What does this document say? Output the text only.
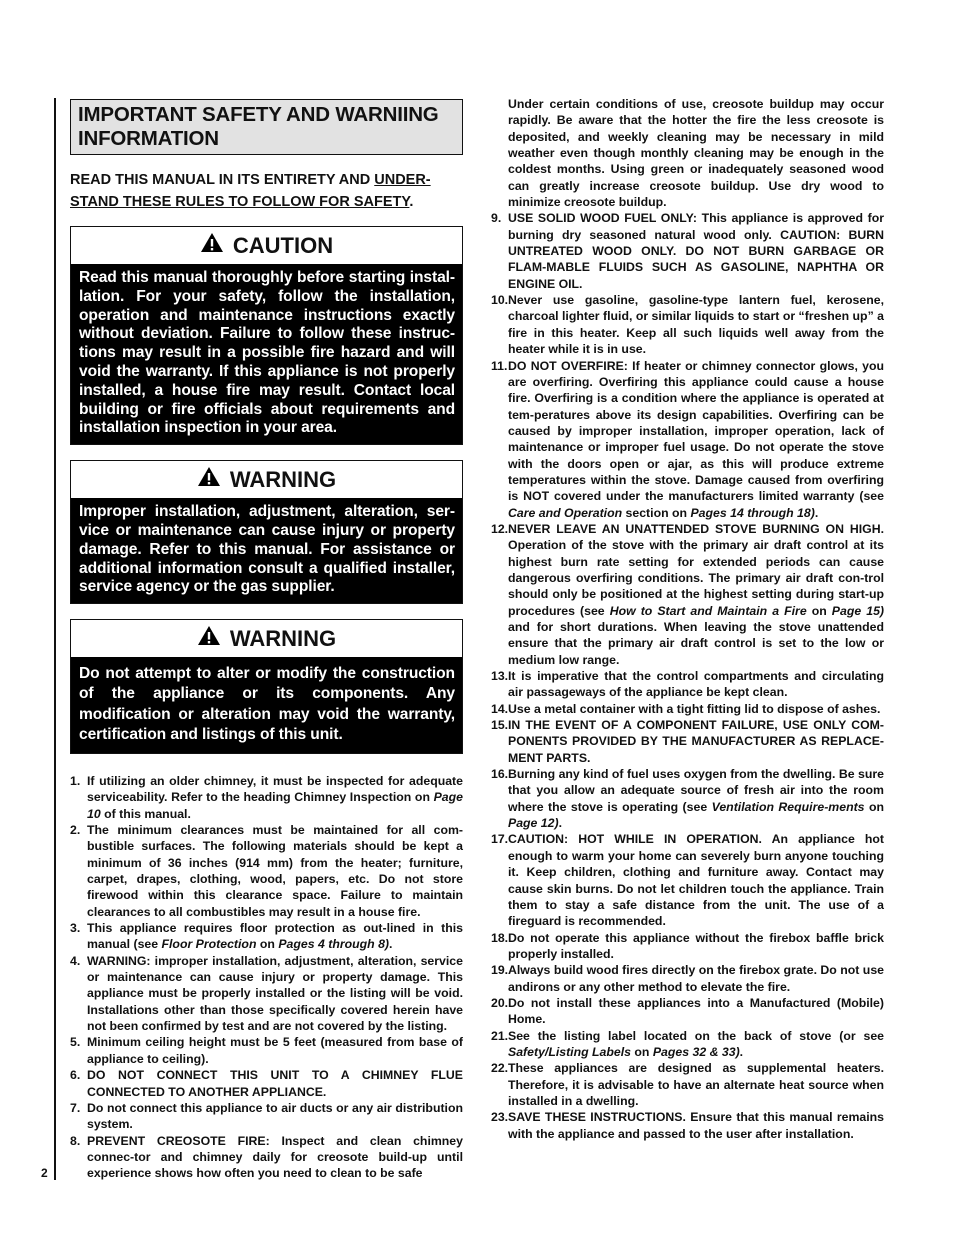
2
IMPORTANT SAFETY AND WARNIING INFORMATION
READ THIS MANUAL IN ITS ENTIRETY AND UNDER-STAND THESE RULES TO FOLLOW FOR SAFETY.
CAUTION
Read this manual thoroughly before starting instal-lation. For your safety, follow the installation, operation and maintenance instructions exactly without deviation. Failure to follow these instruc-tions may result in a possible fire hazard and will void the warranty. If this appliance is not properly installed, a house fire may result. Contact local building or fire officials about requirements and installation inspection in your area.
WARNING
Improper installation, adjustment, alteration, ser-vice or maintenance can cause injury or property damage. Refer to this manual. For assistance or additional information consult a qualified installer, service agency or the gas supplier.
WARNING
Do not attempt to alter or modify the construction of the appliance or its components. Any modification or alteration may void the warranty, certification and listings of this unit.
1. If utilizing an older chimney, it must be inspected for adequate serviceability. Refer to the heading Chimney Inspection on Page 10 of this manual.
2. The minimum clearances must be maintained for all com-bustible surfaces. The following materials should be kept a minimum of 36 inches (914 mm) from the heater; furniture, carpet, drapes, clothing, wood, papers, etc. Do not store firewood within this clearance space. Failure to maintain clearances to all combustibles may result in a house fire.
3. This appliance requires floor protection as out-lined in this manual (see Floor Protection on Pages 4 through 8).
4. WARNING: improper installation, adjustment, alteration, service or maintenance can cause injury or property damage. This appliance must be properly installed or the listing will be void. Installations other than those specifically covered herein have not been confirmed by test and are not covered by the listing.
5. Minimum ceiling height must be 5 feet (measured from base of appliance to ceiling).
6. DO NOT CONNECT THIS UNIT TO A CHIMNEY FLUE CONNECTED TO ANOTHER APPLIANCE.
7. Do not connect this appliance to air ducts or any air distribution system.
8. PREVENT CREOSOTE FIRE: Inspect and clean chimney connec-tor and chimney daily for creosote build-up until experience shows how often you need to clean to be safe
Under certain conditions of use, creosote buildup may occur rapidly. Be aware that the hotter the fire the less creosote is deposited, and weekly cleaning may be necessary in mild weather even though monthly cleaning may be enough in the coldest months. Using green or inadequately seasoned wood can greatly increase creosote buildup. Use dry wood to minimize creosote buildup.
9. USE SOLID WOOD FUEL ONLY: This appliance is approved for burning dry seasoned natural wood only. CAUTION: BURN UNTREATED WOOD ONLY. DO NOT BURN GARBAGE OR FLAM-MABLE FLUIDS SUCH AS GASOLINE, NAPHTHA OR ENGINE OIL.
10. Never use gasoline, gasoline-type lantern fuel, kerosene, charcoal lighter fluid, or similar liquids to start or “freshen up” a fire in this heater. Keep all such liquids well away from the heater while it is in use.
11. DO NOT OVERFIRE: If heater or chimney connector glows, you are overfiring. Overfiring this appliance could cause a house fire. Overfiring is a condition where the appliance is operated at tem-peratures above its design capabilities. Overfiring can be caused by improper installation, improper operation, lack of maintenance or improper fuel usage. Do not operate the stove with the doors open or ajar, as this will produce extreme temperatures within the stove. Damage caused from overfiring is NOT covered under the manufacturers limited warranty (see Care and Operation section on Pages 14 through 18).
12. NEVER LEAVE AN UNATTENDED STOVE BURNING ON HIGH. Operation of the stove with the primary air draft control at its highest burn rate setting for extended periods can cause dangerous overfiring conditions. The primary air draft con-trol should only be positioned at the highest setting during start-up procedures (see How to Start and Maintain a Fire on Page 15) and for short durations. When leaving the stove unattended ensure that the primary air draft control is set to the low or medium low range.
13. It is imperative that the control compartments and circulating air passageways of the appliance be kept clean.
14. Use a metal container with a tight fitting lid to dispose of ashes.
15. IN THE EVENT OF A COMPONENT FAILURE, USE ONLY COM-PONENTS PROVIDED BY THE MANUFACTURER AS REPLACE-MENT PARTS.
16. Burning any kind of fuel uses oxygen from the dwelling. Be sure that you allow an adequate source of fresh air into the room where the stove is operating (see Ventilation Require-ments on Page 12).
17. CAUTION: HOT WHILE IN OPERATION. An appliance hot enough to warm your home can severely burn anyone touching it. Keep children, clothing and furniture away. Contact may cause skin burns. Do not let children touch the appliance. Train them to stay a safe distance from the unit. The use of a fireguard is recommended.
18. Do not operate this appliance without the firebox baffle brick properly installed.
19. Always build wood fires directly on the firebox grate. Do not use andirons or any other method to elevate the fire.
20. Do not install these appliances into a Manufactured (Mobile) Home.
21. See the listing label located on the back of stove (or see Safety/Listing Labels on Pages 32 & 33).
22. These appliances are designed as supplemental heaters. Therefore, it is advisable to have an alternate heat source when installed in a dwelling.
23. SAVE THESE INSTRUCTIONS. Ensure that this manual remains with the appliance and passed to the user after installation.
